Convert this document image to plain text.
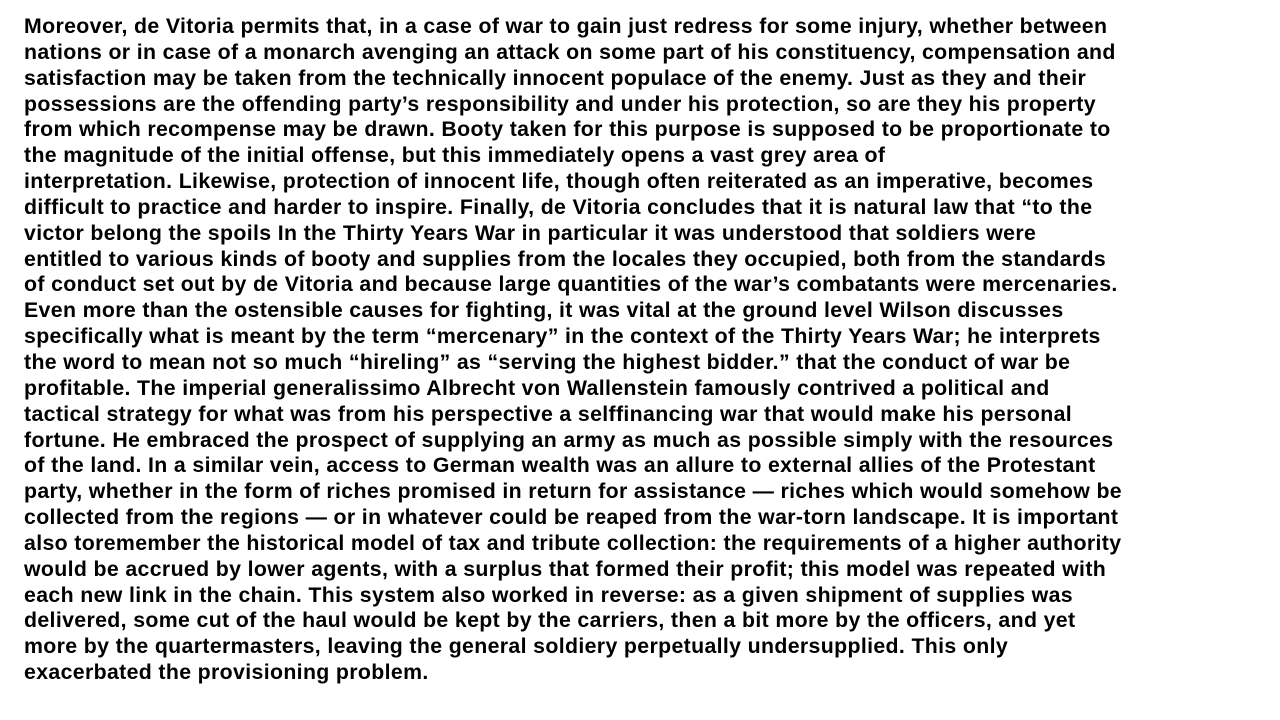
Moreover, de Vitoria permits that, in a case of war to gain just redress for some injury, whether between
nations or in case of a monarch avenging an attack on some part of his constituency, compensation and
satisfaction may be taken from the technically innocent populace of the enemy. Just as they and their
possessions are the offending party’s responsibility and under his protection, so are they his property
from which recompense may be drawn. Booty taken for this purpose is supposed to be proportionate to
the magnitude of the initial offense, but this immediately opens a vast grey area of
interpretation. Likewise, protection of innocent life, though often reiterated as an imperative, becomes
difficult to practice and harder to inspire. Finally, de Vitoria concludes that it is natural law that “to the
victor belong the spoils In the Thirty Years War in particular it was understood that soldiers were
entitled to various kinds of booty and supplies from the locales they occupied, both from the standards
of conduct set out by de Vitoria and because large quantities of the war’s combatants were mercenaries.
Even more than the ostensible causes for fighting, it was vital at the ground level Wilson discusses
specifically what is meant by the term “mercenary” in the context of the Thirty Years War; he interprets
the word to mean not so much “hireling” as “serving the highest bidder.” that the conduct of war be
profitable. The imperial generalissimo Albrecht von Wallenstein famously contrived a political and
tactical strategy for what was from his perspective a selffinancing war that would make his personal
fortune. He embraced the prospect of supplying an army as much as possible simply with the resources
of the land. In a similar vein, access to German wealth was an allure to external allies of the Protestant
party, whether in the form of riches promised in return for assistance — riches which would somehow be
collected from the regions — or in whatever could be reaped from the war-torn landscape. It is important
also toremember the historical model of tax and tribute collection: the requirements of a higher authority
would be accrued by lower agents, with a surplus that formed their profit; this model was repeated with
each new link in the chain. This system also worked in reverse: as a given shipment of supplies was
delivered, some cut of the haul would be kept by the carriers, then a bit more by the officers, and yet
more by the quartermasters, leaving the general soldiery perpetually undersupplied. This only
exacerbated the provisioning problem.
